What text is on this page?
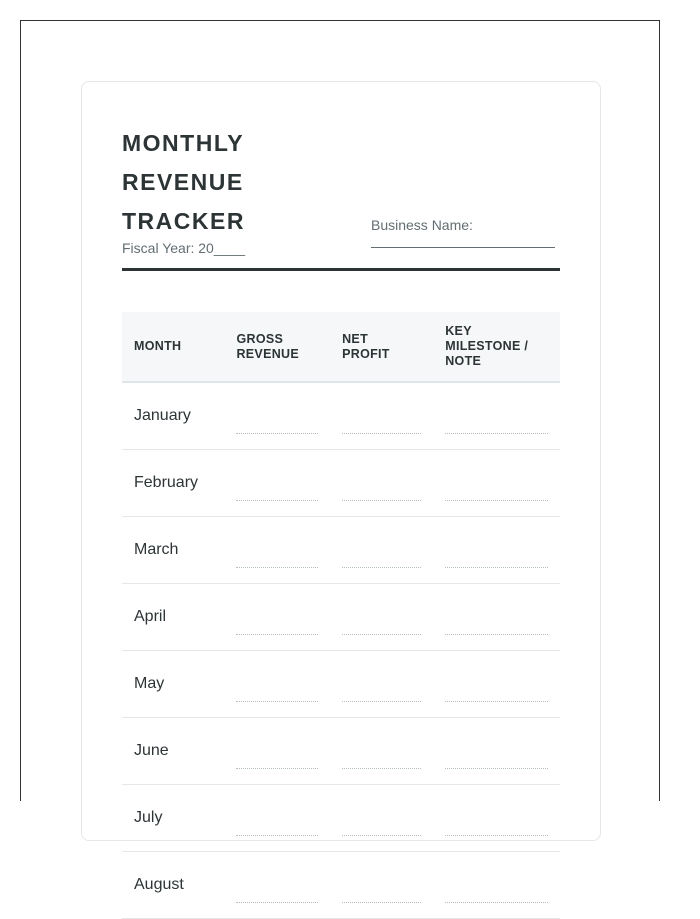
MONTHLY
REVENUE
TRACKER
Fiscal Year: 20____
Business Name:
MONTH	GROSS REVENUE	NET PROFIT	KEY MILESTONE / NOTE

January	

February	

March	

April	

May	

June	

July	

August	
